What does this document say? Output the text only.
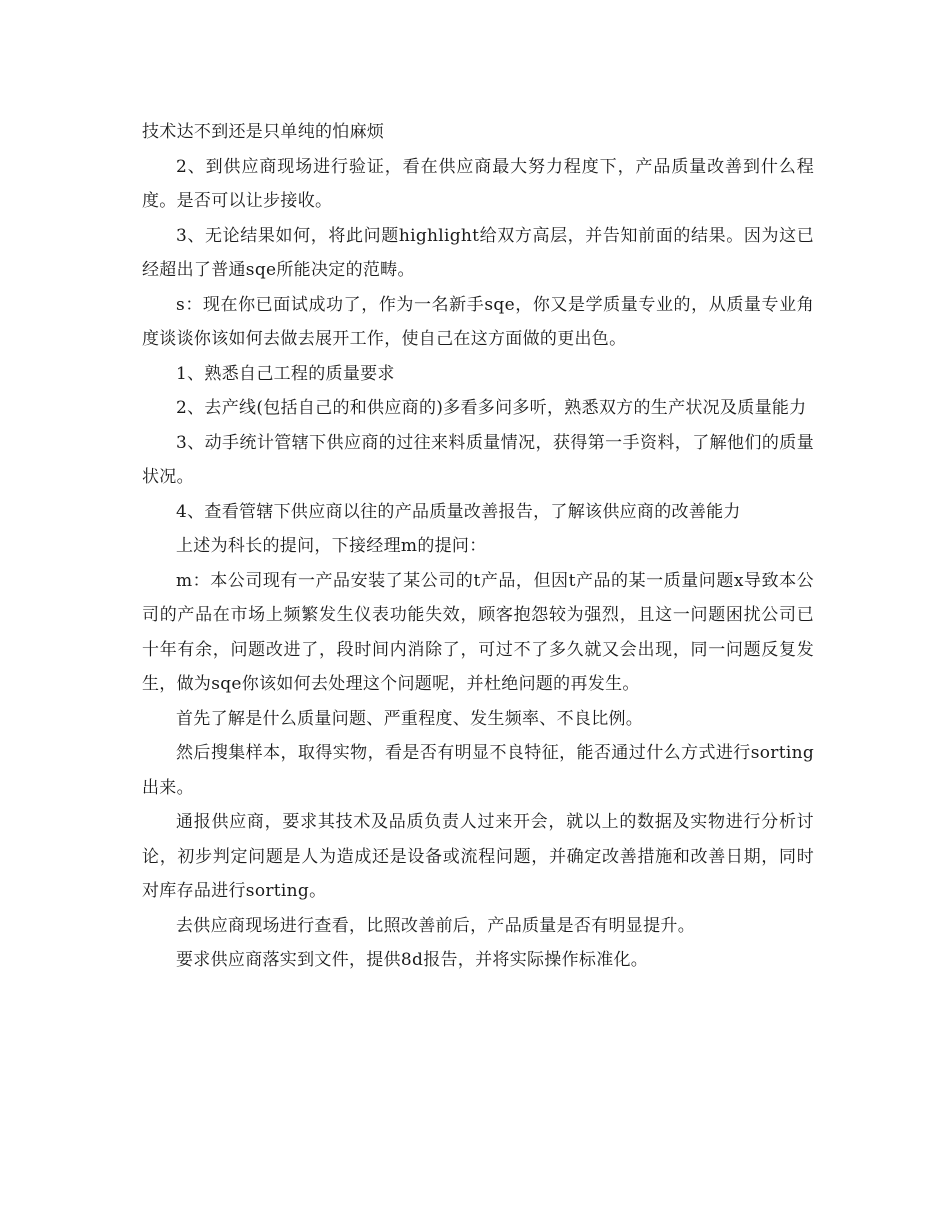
技术达不到还是只单纯的怕麻烦

2、到供应商现场进行验证，看在供应商最大努力程度下，产品质量改善到什么程度。是否可以让步接收。

3、无论结果如何，将此问题highlight给双方高层，并告知前面的结果。因为这已经超出了普通sqe所能决定的范畴。

s：现在你已面试成功了，作为一名新手sqe，你又是学质量专业的，从质量专业角度谈谈你该如何去做去展开工作，使自己在这方面做的更出色。

1、熟悉自己工程的质量要求

2、去产线(包括自己的和供应商的)多看多问多听，熟悉双方的生产状况及质量能力

3、动手统计管辖下供应商的过往来料质量情况，获得第一手资料，了解他们的质量状况。

4、查看管辖下供应商以往的产品质量改善报告，了解该供应商的改善能力

上述为科长的提问，下接经理m的提问：

m：本公司现有一产品安装了某公司的t产品，但因t产品的某一质量问题x导致本公司的产品在市场上频繁发生仪表功能失效，顾客抱怨较为强烈，且这一问题困扰公司已十年有余，问题改进了，段时间内消除了，可过不了多久就又会出现，同一问题反复发生，做为sqe你该如何去处理这个问题呢，并杜绝问题的再发生。

首先了解是什么质量问题、严重程度、发生频率、不良比例。

然后搜集样本，取得实物，看是否有明显不良特征，能否通过什么方式进行sorting出来。

通报供应商，要求其技术及品质负责人过来开会，就以上的数据及实物进行分析讨论，初步判定问题是人为造成还是设备或流程问题，并确定改善措施和改善日期，同时对库存品进行sorting。

去供应商现场进行查看，比照改善前后，产品质量是否有明显提升。

要求供应商落实到文件，提供8d报告，并将实际操作标准化。
